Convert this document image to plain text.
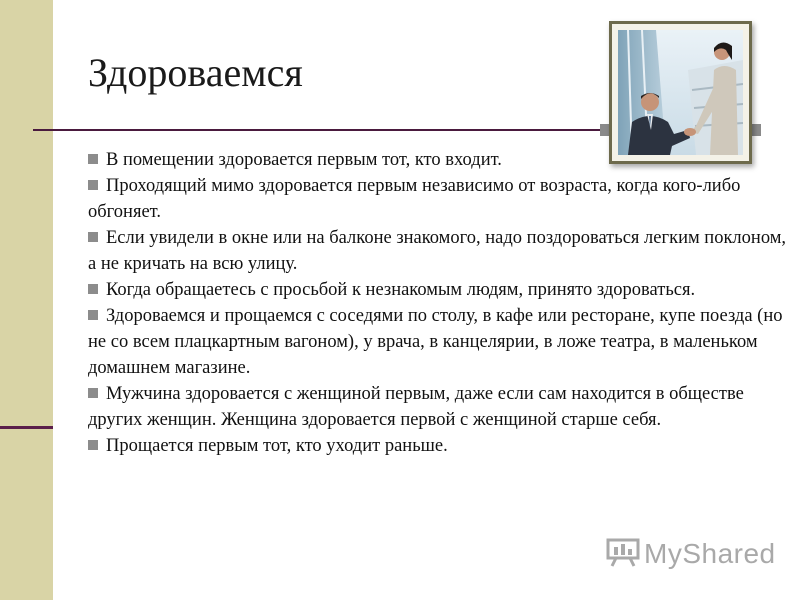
Здороваемся
В помещении здоровается первым тот, кто входит.
Проходящий мимо здоровается первым независимо от возраста, когда кого-либо обгоняет.
Если увидели в окне или на балконе знакомого, надо поздороваться легким поклоном, а не кричать на всю улицу.
Когда обращаетесь с просьбой к незнакомым людям, принято здороваться.
Здороваемся и прощаемся с соседями по столу, в кафе или ресторане, купе поезда (но не со всем плацкартным вагоном), у врача, в канцелярии, в ложе театра, в маленьком домашнем магазине.
Мужчина здоровается с женщиной первым, даже если сам находится в обществе других женщин. Женщина здоровается первой с женщиной старше себя.
Прощается первым тот, кто уходит раньше.
MyShared
